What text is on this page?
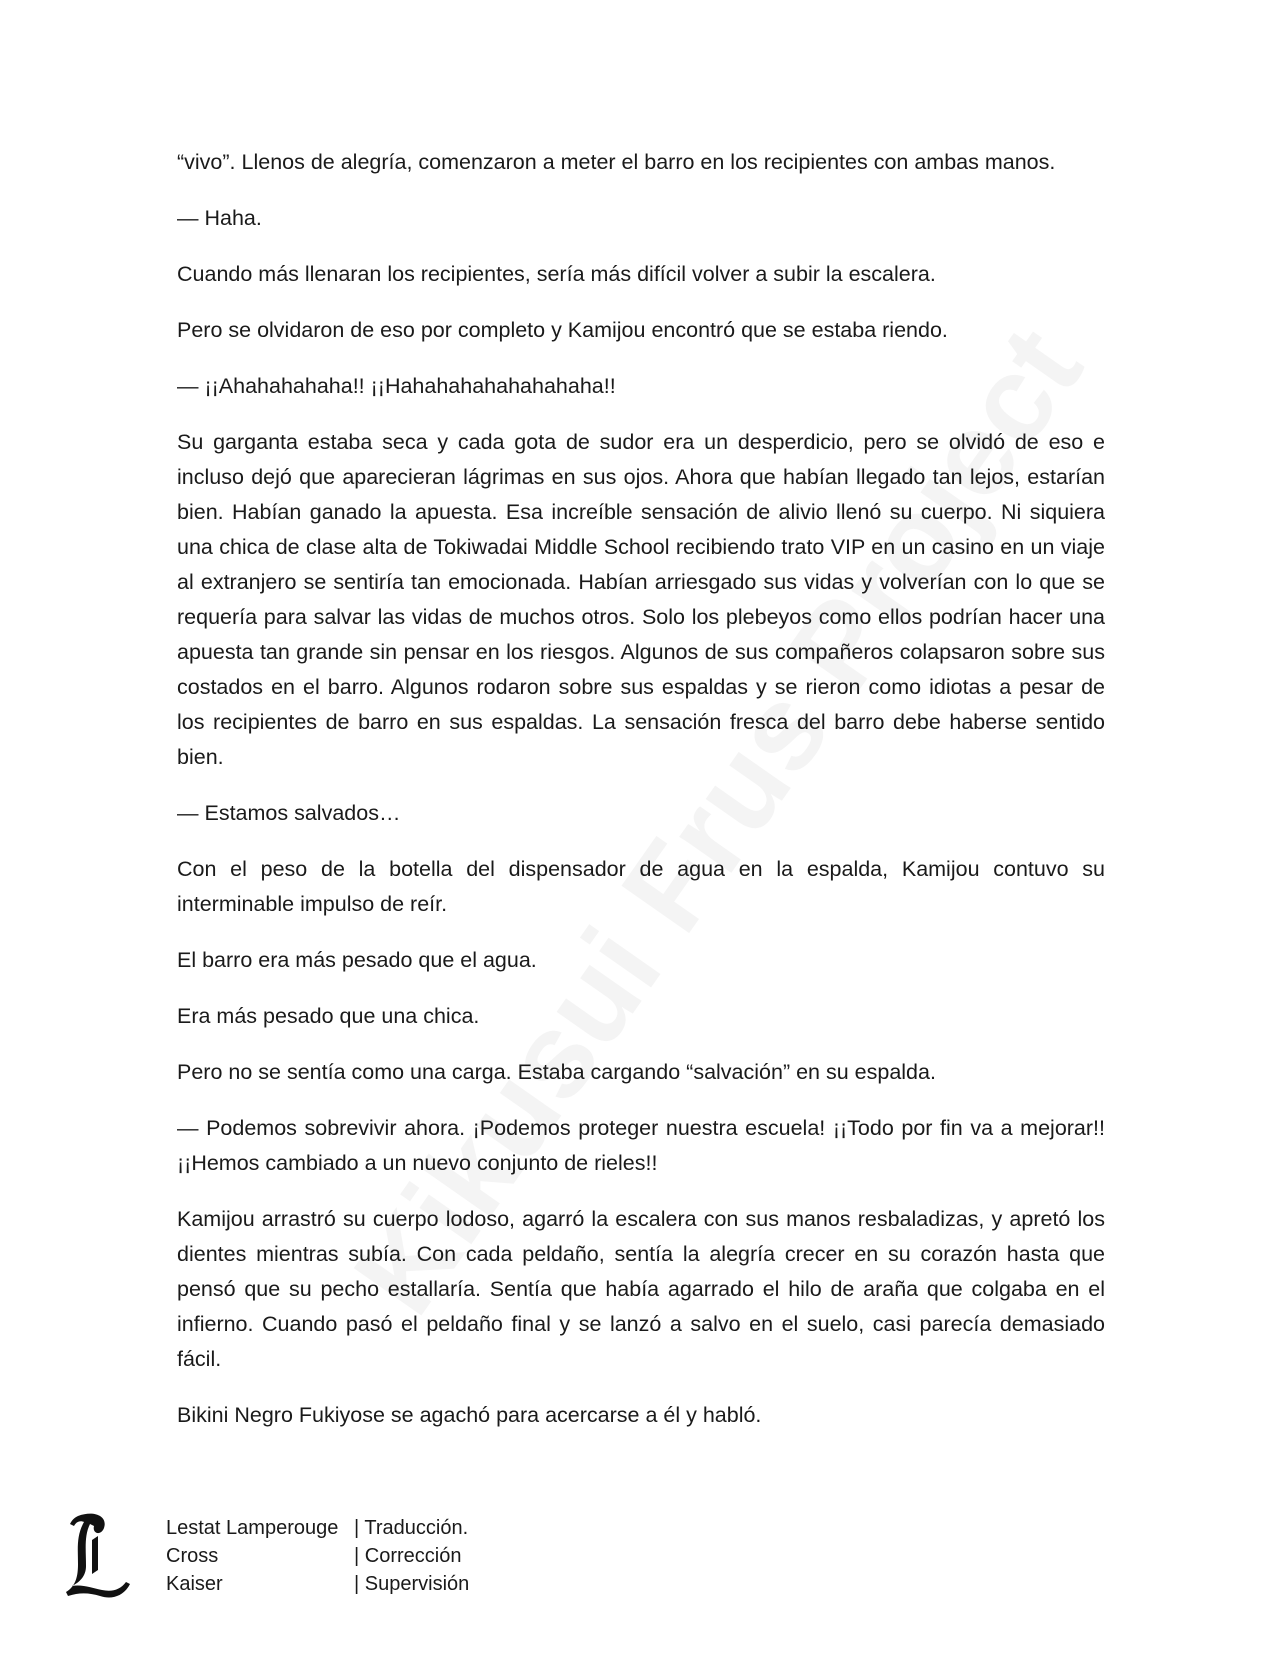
“vivo”. Llenos de alegría, comenzaron a meter el barro en los recipientes con ambas manos.

— Haha.

Cuando más llenaran los recipientes, sería más difícil volver a subir la escalera.

Pero se olvidaron de eso por completo y Kamijou encontró que se estaba riendo.

— ¡¡Ahahahahaha!! ¡¡Hahahahahahahahaha!!

Su garganta estaba seca y cada gota de sudor era un desperdicio, pero se olvidó de eso e incluso dejó que aparecieran lágrimas en sus ojos. Ahora que habían llegado tan lejos, estarían bien. Habían ganado la apuesta. Esa increíble sensación de alivio llenó su cuerpo. Ni siquiera una chica de clase alta de Tokiwadai Middle School recibiendo trato VIP en un casino en un viaje al extranjero se sentiría tan emocionada. Habían arriesgado sus vidas y volverían con lo que se requería para salvar las vidas de muchos otros. Solo los plebeyos como ellos podrían hacer una apuesta tan grande sin pensar en los riesgos. Algunos de sus compañeros colapsaron sobre sus costados en el barro. Algunos rodaron sobre sus espaldas y se rieron como idiotas a pesar de los recipientes de barro en sus espaldas. La sensación fresca del barro debe haberse sentido bien.

— Estamos salvados…

Con el peso de la botella del dispensador de agua en la espalda, Kamijou contuvo su interminable impulso de reír.

El barro era más pesado que el agua.

Era más pesado que una chica.

Pero no se sentía como una carga. Estaba cargando “salvación” en su espalda.

— Podemos sobrevivir ahora. ¡Podemos proteger nuestra escuela! ¡¡Todo por fin va a mejorar!! ¡¡Hemos cambiado a un nuevo conjunto de rieles!!

Kamijou arrastró su cuerpo lodoso, agarró la escalera con sus manos resbaladizas, y apretó los dientes mientras subía. Con cada peldaño, sentía la alegría crecer en su corazón hasta que pensó que su pecho estallaría. Sentía que había agarrado el hilo de araña que colgaba en el infierno. Cuando pasó el peldaño final y se lanzó a salvo en el suelo, casi parecía demasiado fácil.

Bikini Negro Fukiyose se agachó para acercarse a él y habló.

Lestat Lamperouge | Traducción.
Cross	| Corrección
Kaiser	| Supervisión
